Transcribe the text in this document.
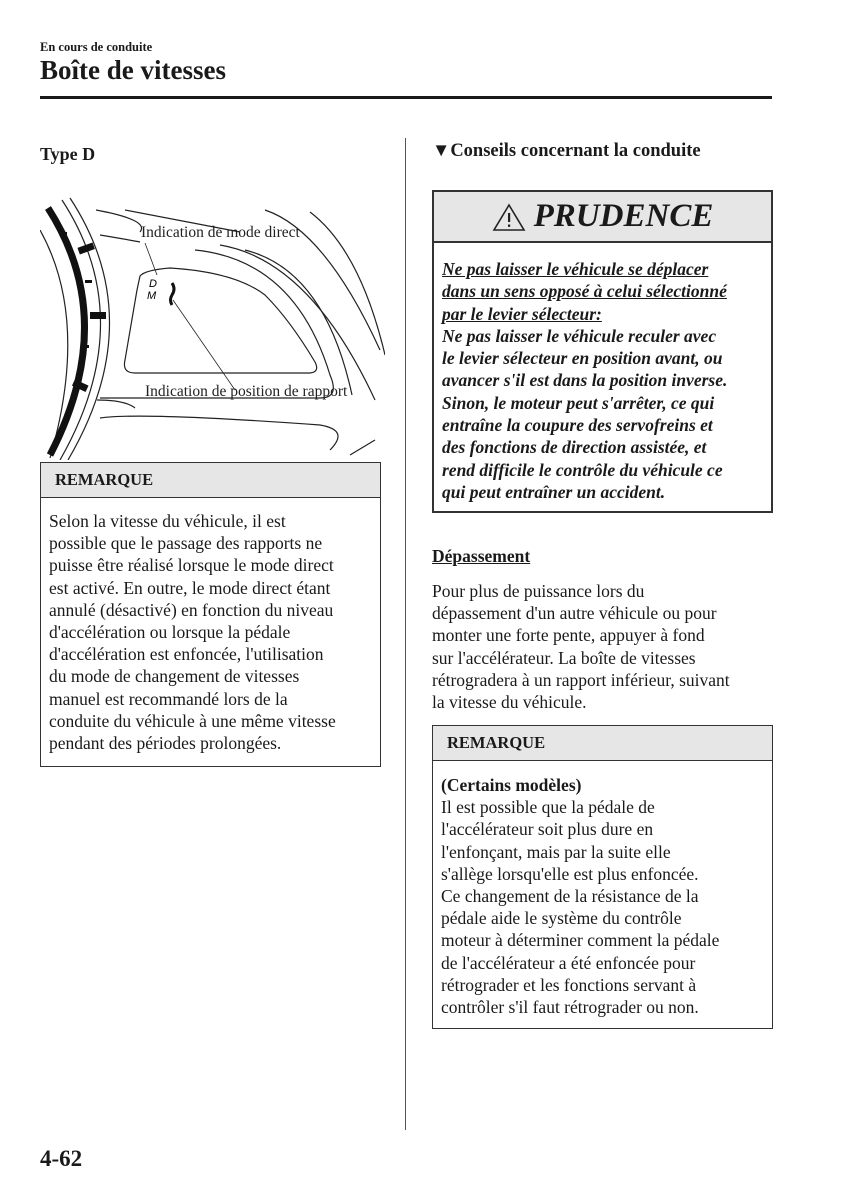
En cours de conduite
Boîte de vitesses
Type D
D
M
Indication de mode direct
Indication de position de rapport
REMARQUE
Selon la vitesse du véhicule, il est
possible que le passage des rapports ne
puisse être réalisé lorsque le mode direct
est activé. En outre, le mode direct étant
annulé (désactivé) en fonction du niveau
d'accélération ou lorsque la pédale
d'accélération est enfoncée, l'utilisation
du mode de changement de vitesses
manuel est recommandé lors de la
conduite du véhicule à une même vitesse
pendant des périodes prolongées.
▼Conseils concernant la conduite
PRUDENCE
Ne pas laisser le véhicule se déplacer
dans un sens opposé à celui sélectionné
par le levier sélecteur:
Ne pas laisser le véhicule reculer avec
le levier sélecteur en position avant, ou
avancer s'il est dans la position inverse.
Sinon, le moteur peut s'arrêter, ce qui
entraîne la coupure des servofreins et
des fonctions de direction assistée, et
rend difficile le contrôle du véhicule ce
qui peut entraîner un accident.
Dépassement
Pour plus de puissance lors du
dépassement d'un autre véhicule ou pour
monter une forte pente, appuyer à fond
sur l'accélérateur. La boîte de vitesses
rétrogradera à un rapport inférieur, suivant
la vitesse du véhicule.
REMARQUE
(Certains modèles)
Il est possible que la pédale de
l'accélérateur soit plus dure en
l'enfonçant, mais par la suite elle
s'allège lorsqu'elle est plus enfoncée.
Ce changement de la résistance de la
pédale aide le système du contrôle
moteur à déterminer comment la pédale
de l'accélérateur a été enfoncée pour
rétrograder et les fonctions servant à
contrôler s'il faut rétrograder ou non.
4-62
